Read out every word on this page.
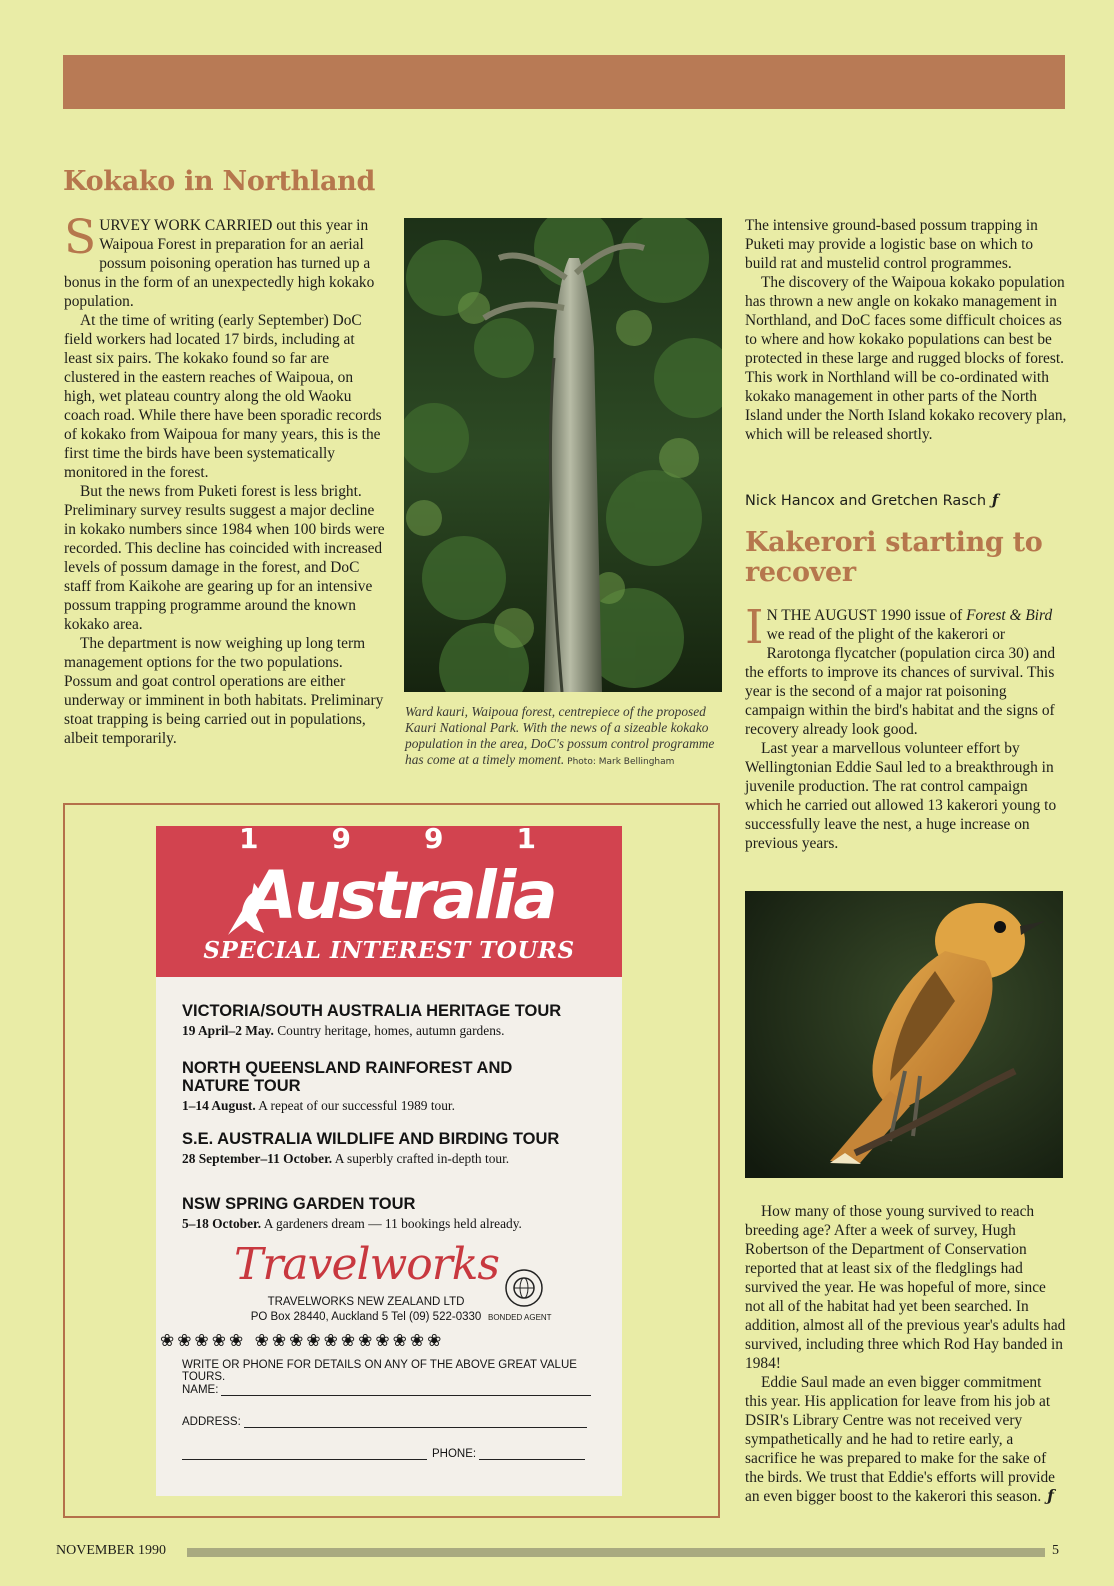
Kokako in Northland

SURVEY WORK CARRIED out this year in Waipoua Forest in preparation for an aerial possum poisoning operation has turned up a bonus in the form of an unexpectedly high kokako population.

At the time of writing (early September) DoC field workers had located 17 birds, including at least six pairs. The kokako found so far are clustered in the eastern reaches of Waipoua, on high, wet plateau country along the old Waoku coach road. While there have been sporadic records of kokako from Waipoua for many years, this is the first time the birds have been systematically monitored in the forest.

But the news from Puketi forest is less bright. Preliminary survey results suggest a major decline in kokako numbers since 1984 when 100 birds were recorded. This decline has coincided with increased levels of possum damage in the forest, and DoC staff from Kaikohe are gearing up for an intensive possum trapping programme around the known kokako area.

The department is now weighing up long term management options for the two populations. Possum and goat control operations are either underway or imminent in both habitats. Preliminary stoat trapping is being carried out in populations, albeit temporarily.

Ward kauri, Waipoua forest, centrepiece of the proposed Kauri National Park. With the news of a sizeable kokako population in the area, DoC's possum control programme has come at a timely moment. Photo: Mark Bellingham

The intensive ground-based possum trapping in Puketi may provide a logistic base on which to build rat and mustelid control programmes.

The discovery of the Waipoua kokako population has thrown a new angle on kokako management in Northland, and DoC faces some difficult choices as to where and how kokako populations can best be protected in these large and rugged blocks of forest. This work in Northland will be co-ordinated with kokako management in other parts of the North Island under the North Island kokako recovery plan, which will be released shortly.

Nick Hancox and Gretchen Rasch ƒ
Kakerori starting to recover

I N THE AUGUST 1990 issue of Forest & Bird we read of the plight of the kakerori or Rarotonga flycatcher (population circa 30) and the efforts to improve its chances of survival. This year is the second of a major rat poisoning campaign within the bird's habitat and the signs of recovery already look good.

Last year a marvellous volunteer effort by Wellingtonian Eddie Saul led to a breakthrough in juvenile production. The rat control campaign which he carried out allowed 13 kakerori young to successfully leave the nest, a huge increase on previous years.

How many of those young survived to reach breeding age? After a week of survey, Hugh Robertson of the Department of Conservation reported that at least six of the fledglings had survived the year. He was hopeful of more, since not all of the habitat had yet been searched. In addition, almost all of the previous year's adults had survived, including three which Rod Hay banded in 1984!

Eddie Saul made an even bigger commitment this year. His application for leave from his job at DSIR's Library Centre was not received very sympathetically and he had to retire early, a sacrifice he was prepared to make for the sake of the birds. We trust that Eddie's efforts will provide an even bigger boost to the kakerori this season. ƒ

1991
Australia
SPECIAL INTEREST TOURS
VICTORIA/SOUTH AUSTRALIA HERITAGE TOUR
19 April–2 May. Country heritage, homes, autumn gardens.
NORTH QUEENSLAND RAINFOREST AND NATURE TOUR
1–14 August. A repeat of our successful 1989 tour.
S.E. AUSTRALIA WILDLIFE AND BIRDING TOUR
28 September–11 October. A superbly crafted in-depth tour.
NSW SPRING GARDEN TOUR
5–18 October. A gardeners dream — 11 bookings held already.
Travelworks
TRAVELWORKS NEW ZEALAND LTD
PO Box 28440, Auckland 5 Tel (09) 522-0330 BONDED AGENT
❀❀❀❀❀ ❀❀❀❀❀❀❀❀❀❀❀
WRITE OR PHONE FOR DETAILS ON ANY OF THE ABOVE GREAT VALUE TOURS.
NAME:
ADDRESS:
PHONE:
NOVEMBER 1990	5
